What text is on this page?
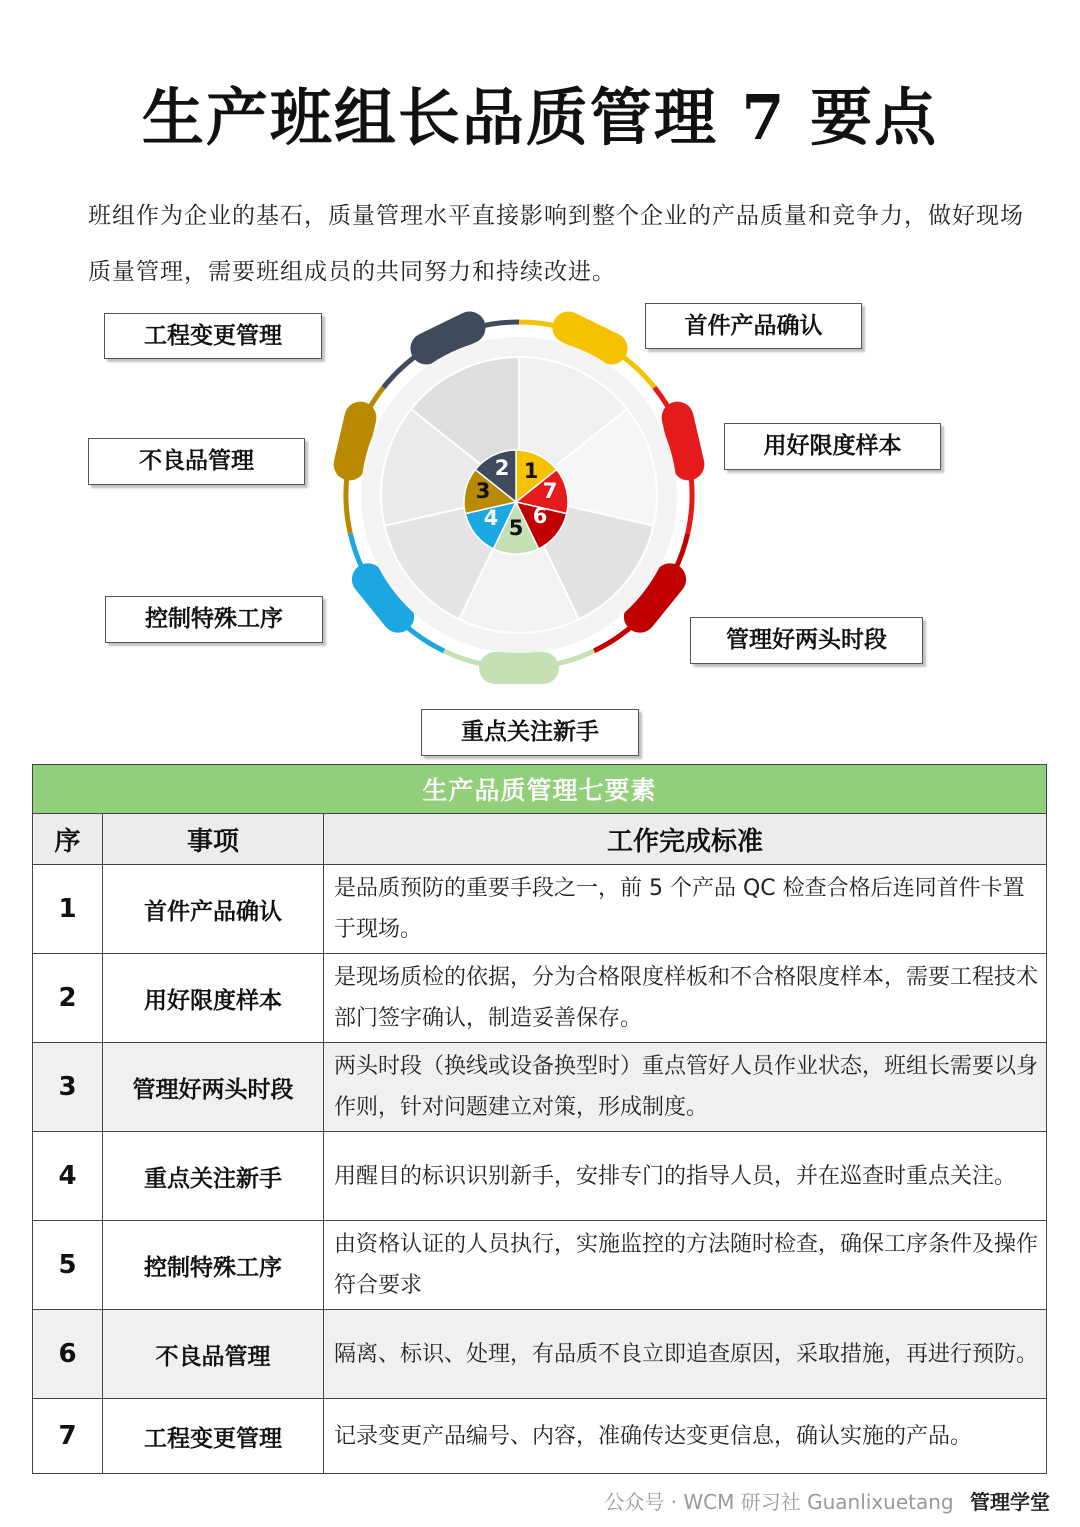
生产班组长品质管理 7 要点
班组作为企业的基石，质量管理水平直接影响到整个企业的产品质量和竞争力，做好现场质量管理，需要班组成员的共同努力和持续改进。
1
2
3
4 5 6
7
工程变更管理	首件产品确认
不良品管理
用好限度样本
控制特殊工序
管理好两头时段
重点关注新手
生产品质管理七要素		
序	事项	工作完成标准
1	首件产品确认	是品质预防的重要手段之一，前 5 个产品 QC 检查合格后连同首件卡置于现场。
2	用好限度样本	是现场质检的依据，分为合格限度样板和不合格限度样本，需要工程技术部门签字确认，制造妥善保存。
3	管理好两头时段	两头时段（换线或设备换型时）重点管好人员作业状态，班组长需要以身作则，针对问题建立对策，形成制度。
4	重点关注新手	用醒目的标识识别新手，安排专门的指导人员，并在巡查时重点关注。
5	控制特殊工序	由资格认证的人员执行，实施监控的方法随时检查，确保工序条件及操作符合要求
6	不良品管理	隔离、标识、处理，有品质不良立即追查原因，采取措施，再进行预防。
7	工程变更管理	记录变更产品编号、内容，准确传达变更信息，确认实施的产品。
公众号 · WCM 研习社 Guanlixuetang 管理学堂
